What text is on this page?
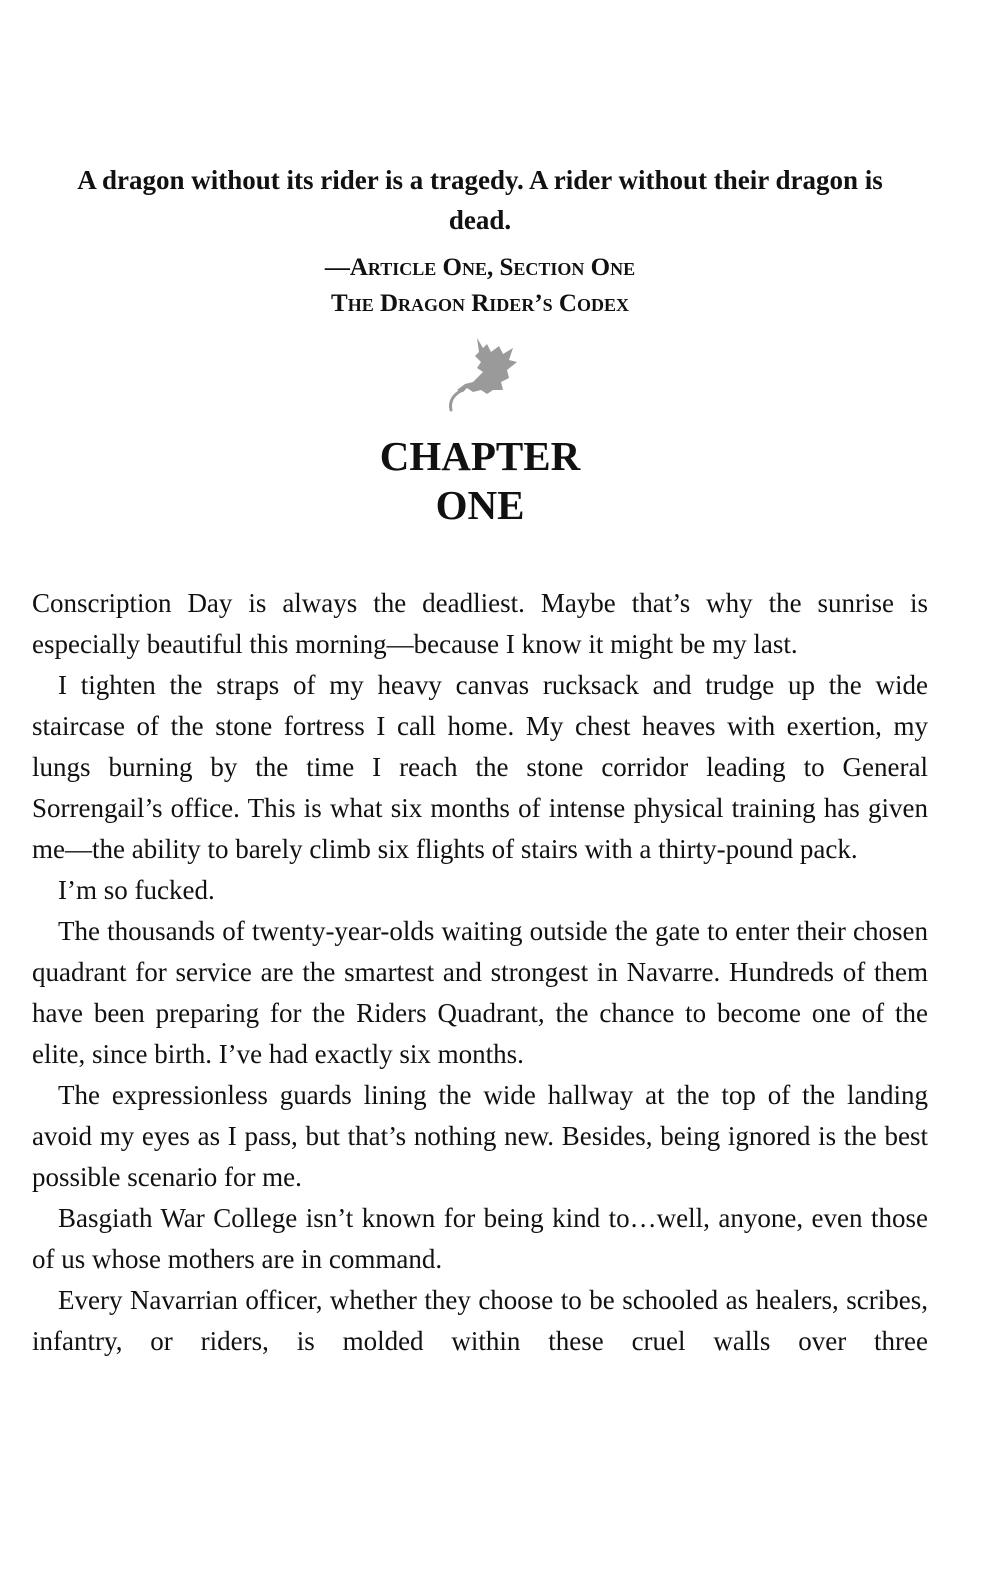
A dragon without its rider is a tragedy. A rider without their dragon is dead.
—Article One, Section One
The Dragon Rider’s Codex
CHAPTER
ONE

Conscription Day is always the deadliest. Maybe that’s why the sunrise is especially beautiful this morning—because I know it might be my last.

I tighten the straps of my heavy canvas rucksack and trudge up the wide staircase of the stone fortress I call home. My chest heaves with exertion, my lungs burning by the time I reach the stone corridor leading to General Sorrengail’s office. This is what six months of intense physical training has given me—the ability to barely climb six flights of stairs with a thirty-pound pack.

I’m so fucked.

The thousands of twenty-year-olds waiting outside the gate to enter their chosen quadrant for service are the smartest and strongest in Navarre. Hundreds of them have been preparing for the Riders Quadrant, the chance to become one of the elite, since birth. I’ve had exactly six months.

The expressionless guards lining the wide hallway at the top of the landing avoid my eyes as I pass, but that’s nothing new. Besides, being ignored is the best possible scenario for me.

Basgiath War College isn’t known for being kind to…well, anyone, even those of us whose mothers are in command.

Every Navarrian officer, whether they choose to be schooled as healers, scribes, infantry, or riders, is molded within these cruel walls over three
